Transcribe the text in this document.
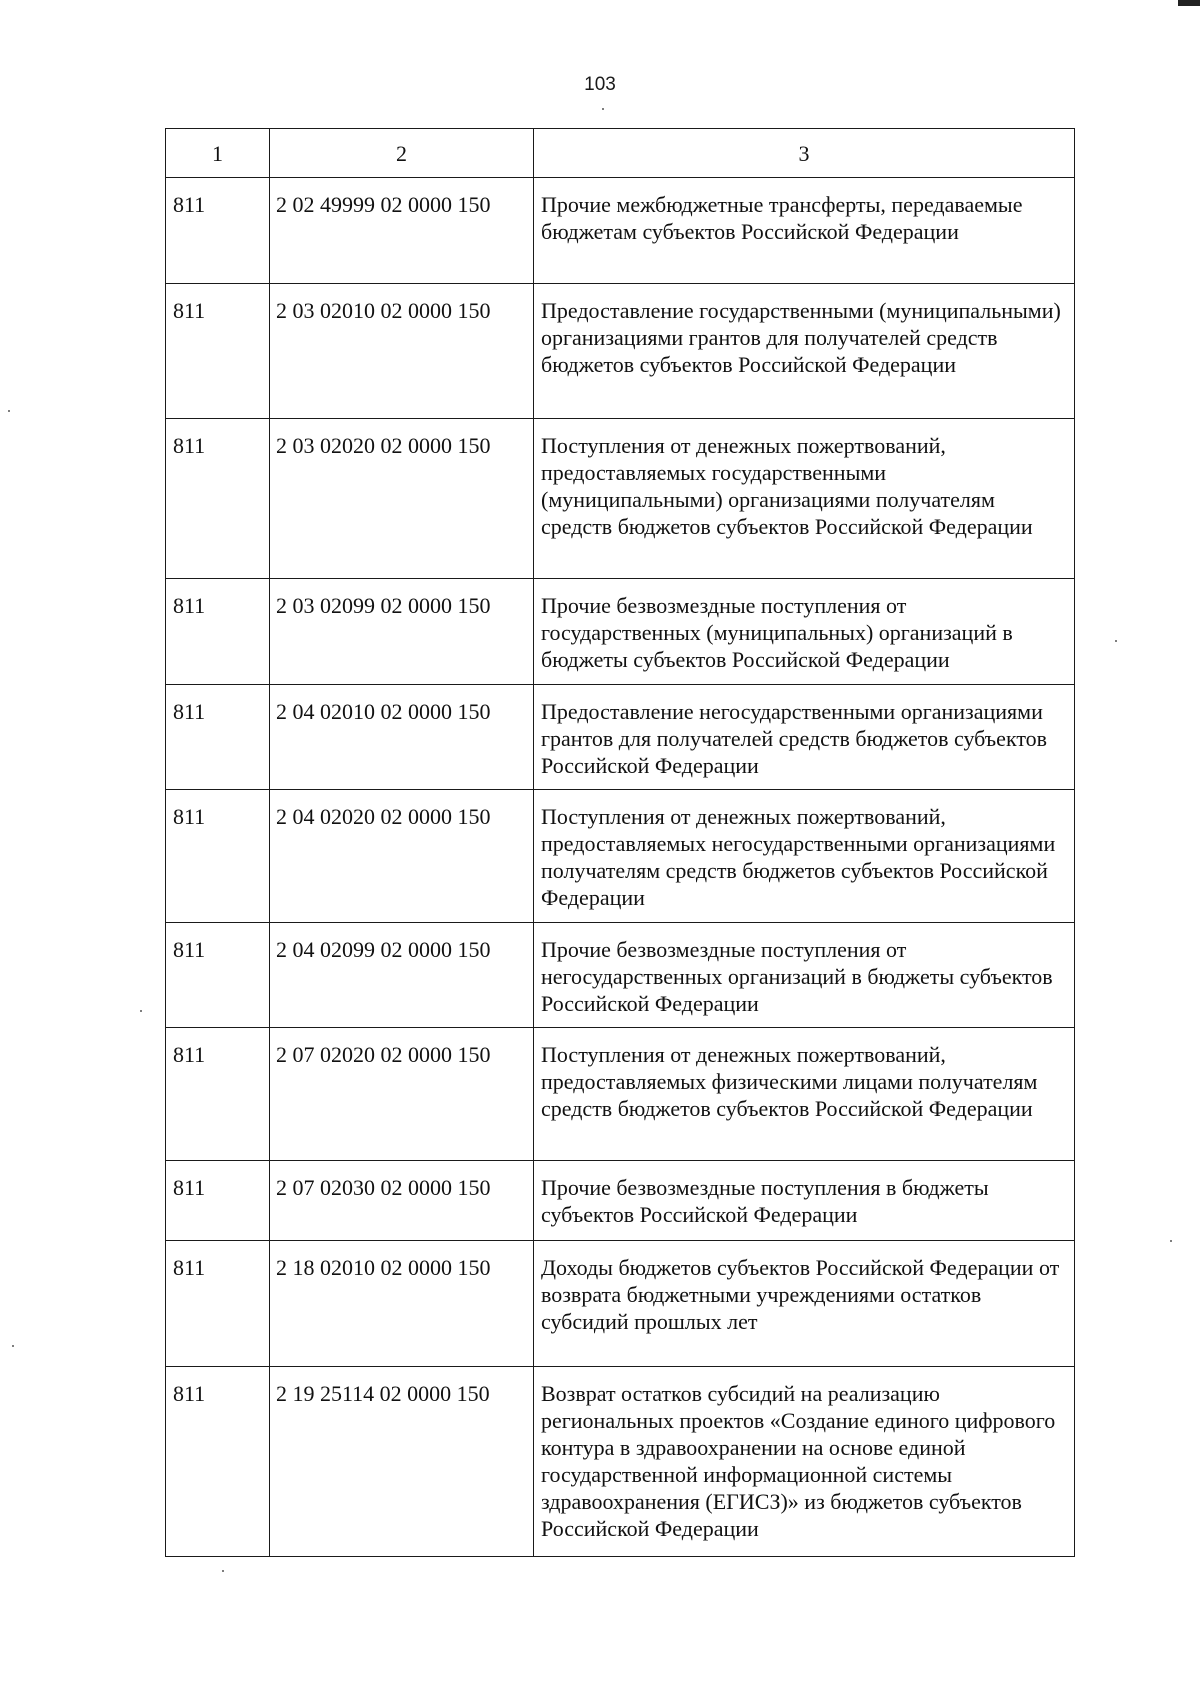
103
1	2	3
811	2 02 49999 02 0000 150	Прочие межбюджетные трансферты, передаваемые бюджетам субъектов Российской Федерации
811	2 03 02010 02 0000 150	Предоставление государственными (муниципальными) организациями грантов для получателей средств бюджетов субъектов Российской Федерации
811	2 03 02020 02 0000 150	Поступления от денежных пожертвований, предоставляемых государственными (муниципальными) организациями получателям средств бюджетов субъектов Российской Федерации
811	2 03 02099 02 0000 150	Прочие безвозмездные поступления от государственных (муниципальных) организаций в бюджеты субъектов Российской Федерации
811	2 04 02010 02 0000 150	Предоставление негосударственными организациями грантов для получателей средств бюджетов субъектов Российской Федерации
811	2 04 02020 02 0000 150	Поступления от денежных пожертвований, предоставляемых негосударственными организациями получателям средств бюджетов субъектов Российской Федерации
811	2 04 02099 02 0000 150	Прочие безвозмездные поступления от негосударственных организаций в бюджеты субъектов Российской Федерации
811	2 07 02020 02 0000 150	Поступления от денежных пожертвований, предоставляемых физическими лицами получателям средств бюджетов субъектов Российской Федерации
811	2 07 02030 02 0000 150	Прочие безвозмездные поступления в бюджеты субъектов Российской Федерации
811	2 18 02010 02 0000 150	Доходы бюджетов субъектов Российской Федерации от возврата бюджетными учреждениями остатков субсидий прошлых лет
811	2 19 25114 02 0000 150	Возврат остатков субсидий на реализацию региональных проектов «Создание единого цифрового контура в здравоохранении на основе единой государственной информационной системы здравоохранения (ЕГИСЗ)» из бюджетов субъектов Российской Федерации
